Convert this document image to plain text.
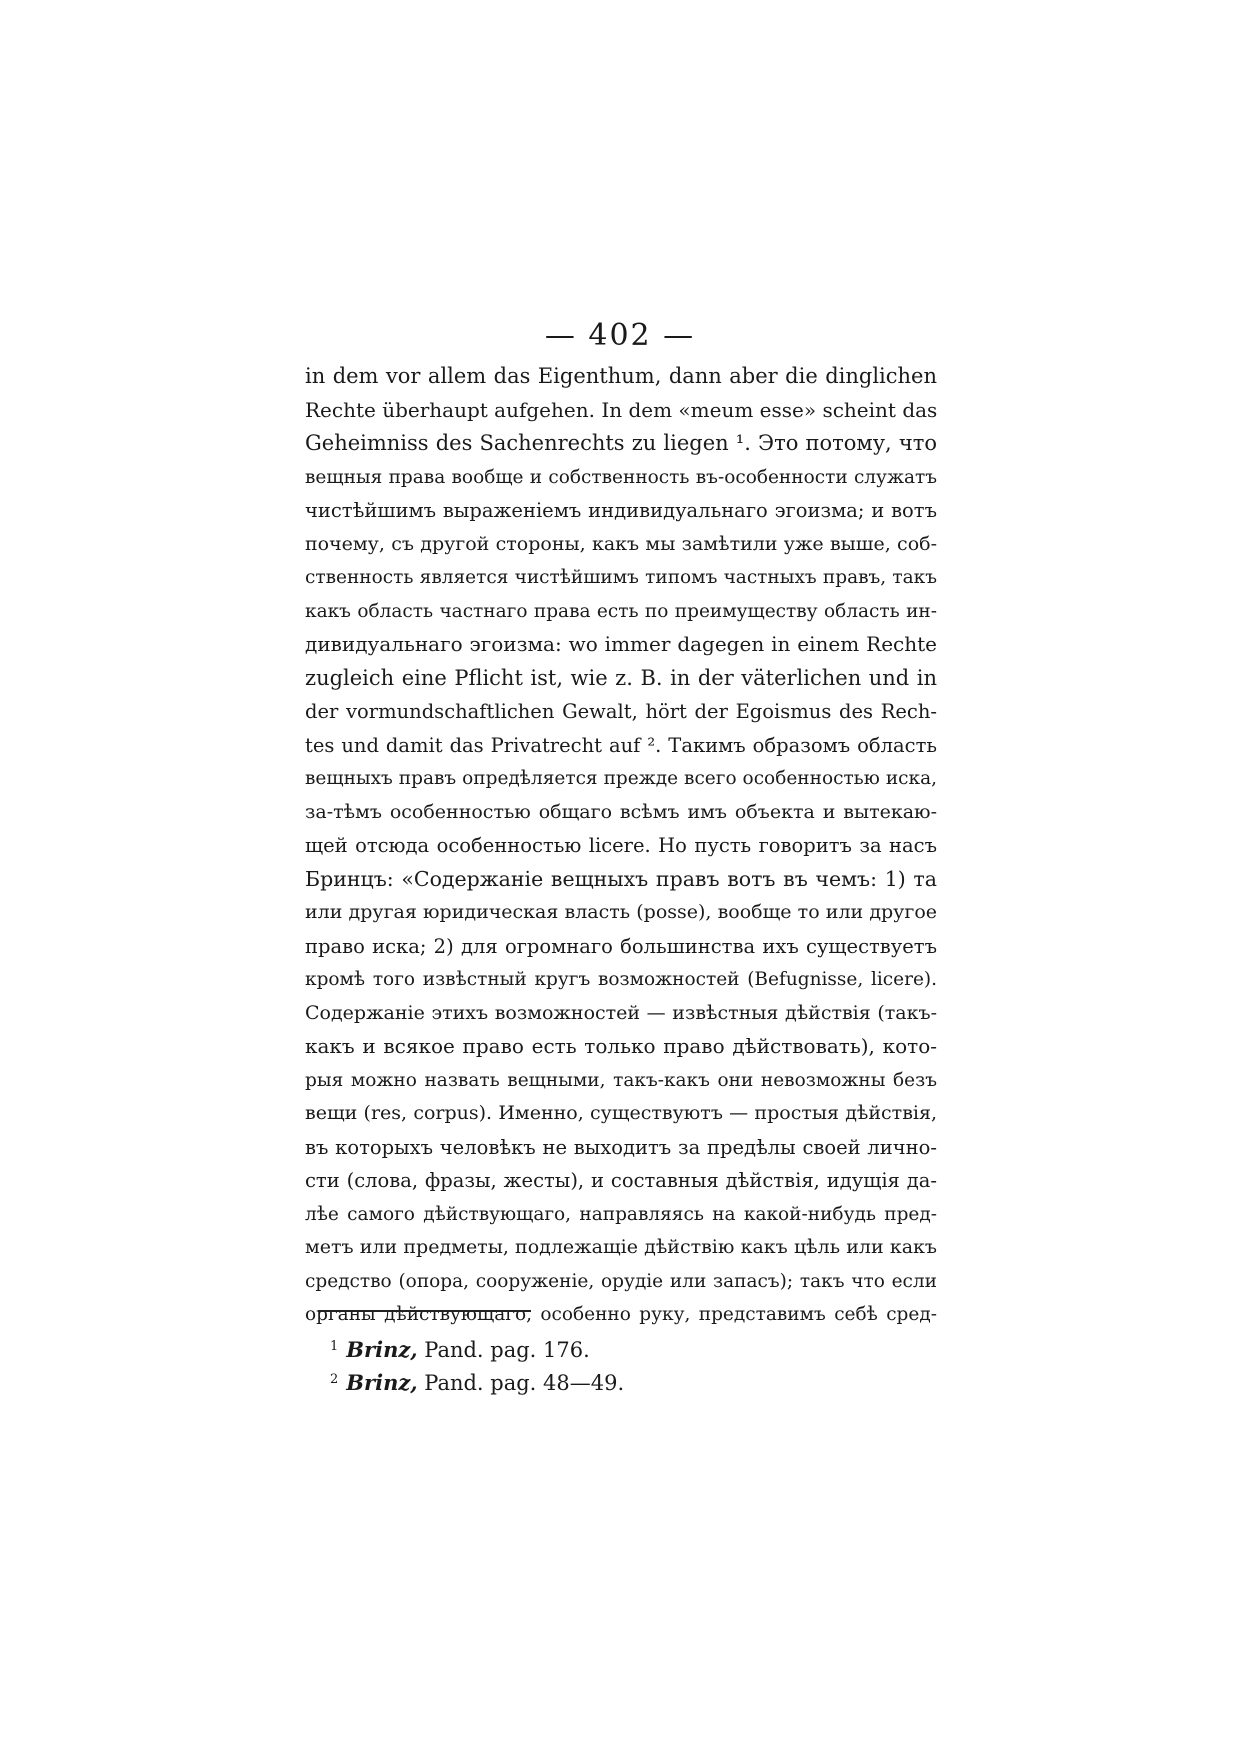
— 402 —
in dem vor allem das Eigenthum, dann aber die dinglichen
Rechte überhaupt aufgehen. In dem «meum esse» scheint das
Geheimniss des Sachenrechts zu liegen ¹. Это потому, что
вещныя права вообще и собственность въ-особенности служатъ
чистѣйшимъ выраженіемъ индивидуальнаго эгоизма; и вотъ
почему, съ другой стороны, какъ мы замѣтили уже выше, соб-
ственность является чистѣйшимъ типомъ частныхъ правъ, такъ
какъ область частнаго права есть по преимуществу область ин-
дивидуальнаго эгоизма: wo immer dagegen in einem Rechte
zugleich eine Pflicht ist, wie z. B. in der väterlichen und in
der vormundschaftlichen Gewalt, hört der Egoismus des Rech-
tes und damit das Privatrecht auf ². Такимъ образомъ область
вещныхъ правъ опредѣляется прежде всего особенностью иска,
за-тѣмъ особенностью общаго всѣмъ имъ объекта и вытекаю-
щей отсюда особенностью licere. Но пусть говоритъ за насъ
Бринцъ: «Содержаніе вещныхъ правъ вотъ въ чемъ: 1) та
или другая юридическая власть (posse), вообще то или другое
право иска; 2) для огромнаго большинства ихъ существуетъ
кромѣ того извѣстный кругъ возможностей (Befugnisse, licere).
Содержаніе этихъ возможностей — извѣстныя дѣйствія (такъ-
какъ и всякое право есть только право дѣйствовать), кото-
рыя можно назвать вещными, такъ-какъ они невозможны безъ
вещи (res, corpus). Именно, существуютъ — простыя дѣйствія,
въ которыхъ человѣкъ не выходитъ за предѣлы своей лично-
сти (слова, фразы, жесты), и составныя дѣйствія, идущія да-
лѣе самого дѣйствующаго, направляясь на какой-нибудь пред-
метъ или предметы, подлежащіе дѣйствію какъ цѣль или какъ
средство (опора, сооруженіе, орудіе или запасъ); такъ что если
органы дѣйствующаго, особенно руку, представимъ себѣ сред-
$^1$ Brinz, Pand. pag. 176.
$^2$ Brinz, Pand. pag. 48—49.
